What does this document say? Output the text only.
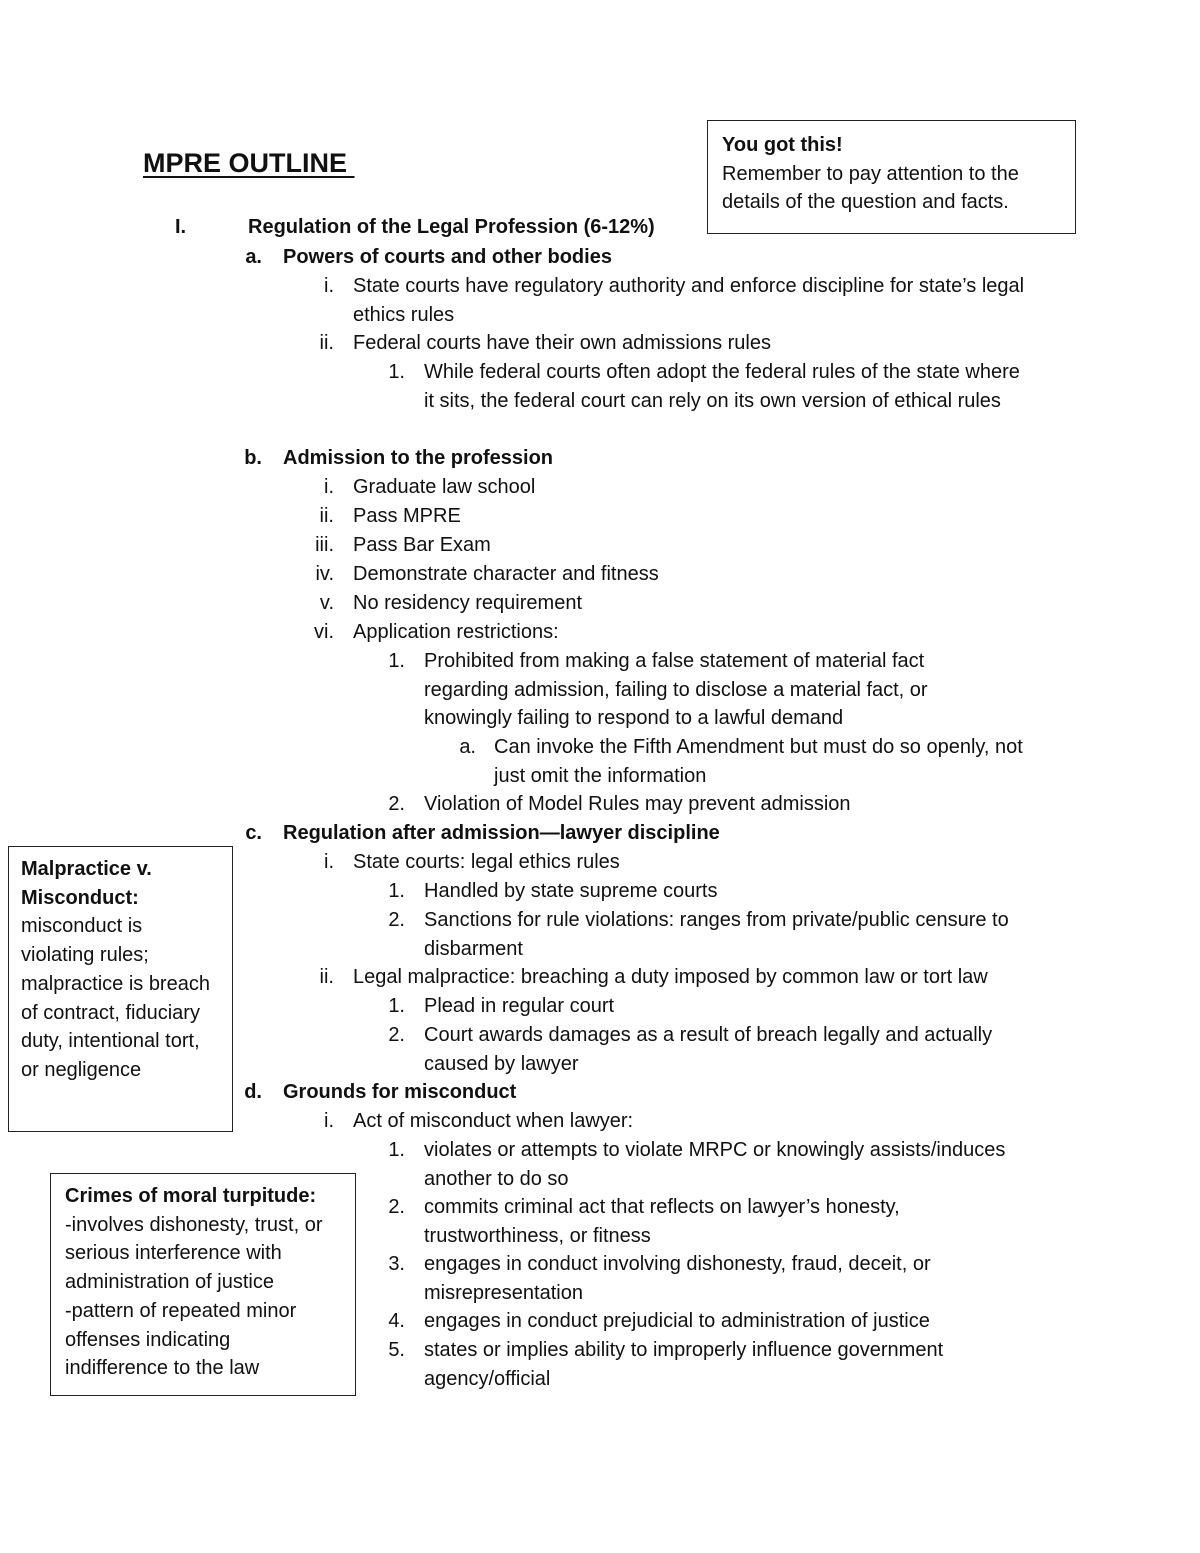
MPRE OUTLINE
I.	Regulation of the Legal Profession (6-12%)
a. Powers of courts and other bodies
i. State courts have regulatory authority and enforce discipline for state’s legal ethics rules
ii. Federal courts have their own admissions rules
1. While federal courts often adopt the federal rules of the state where it sits, the federal court can rely on its own version of ethical rules
b. Admission to the profession
i. Graduate law school
ii. Pass MPRE
iii. Pass Bar Exam
iv. Demonstrate character and fitness
v. No residency requirement
vi. Application restrictions:
1. Prohibited from making a false statement of material fact regarding admission, failing to disclose a material fact, or knowingly failing to respond to a lawful demand
a. Can invoke the Fifth Amendment but must do so openly, not just omit the information
2. Violation of Model Rules may prevent admission
c. Regulation after admission—lawyer discipline
i. State courts: legal ethics rules
1. Handled by state supreme courts
2. Sanctions for rule violations: ranges from private/public censure to disbarment
ii. Legal malpractice: breaching a duty imposed by common law or tort law
1. Plead in regular court
2. Court awards damages as a result of breach legally and actually caused by lawyer
d. Grounds for misconduct
i. Act of misconduct when lawyer:
1. violates or attempts to violate MRPC or knowingly assists/induces another to do so
2. commits criminal act that reflects on lawyer’s honesty, trustworthiness, or fitness
3. engages in conduct involving dishonesty, fraud, deceit, or misrepresentation
4. engages in conduct prejudicial to administration of justice
5. states or implies ability to improperly influence government agency/official
You got this!
Remember to pay attention to the details of the question and facts.
Malpractice v. Misconduct:
misconduct is violating rules; malpractice is breach of contract, fiduciary duty, intentional tort, or negligence
Crimes of moral turpitude:
-involves dishonesty, trust, or serious interference with administration of justice
-pattern of repeated minor offenses indicating indifference to the law
